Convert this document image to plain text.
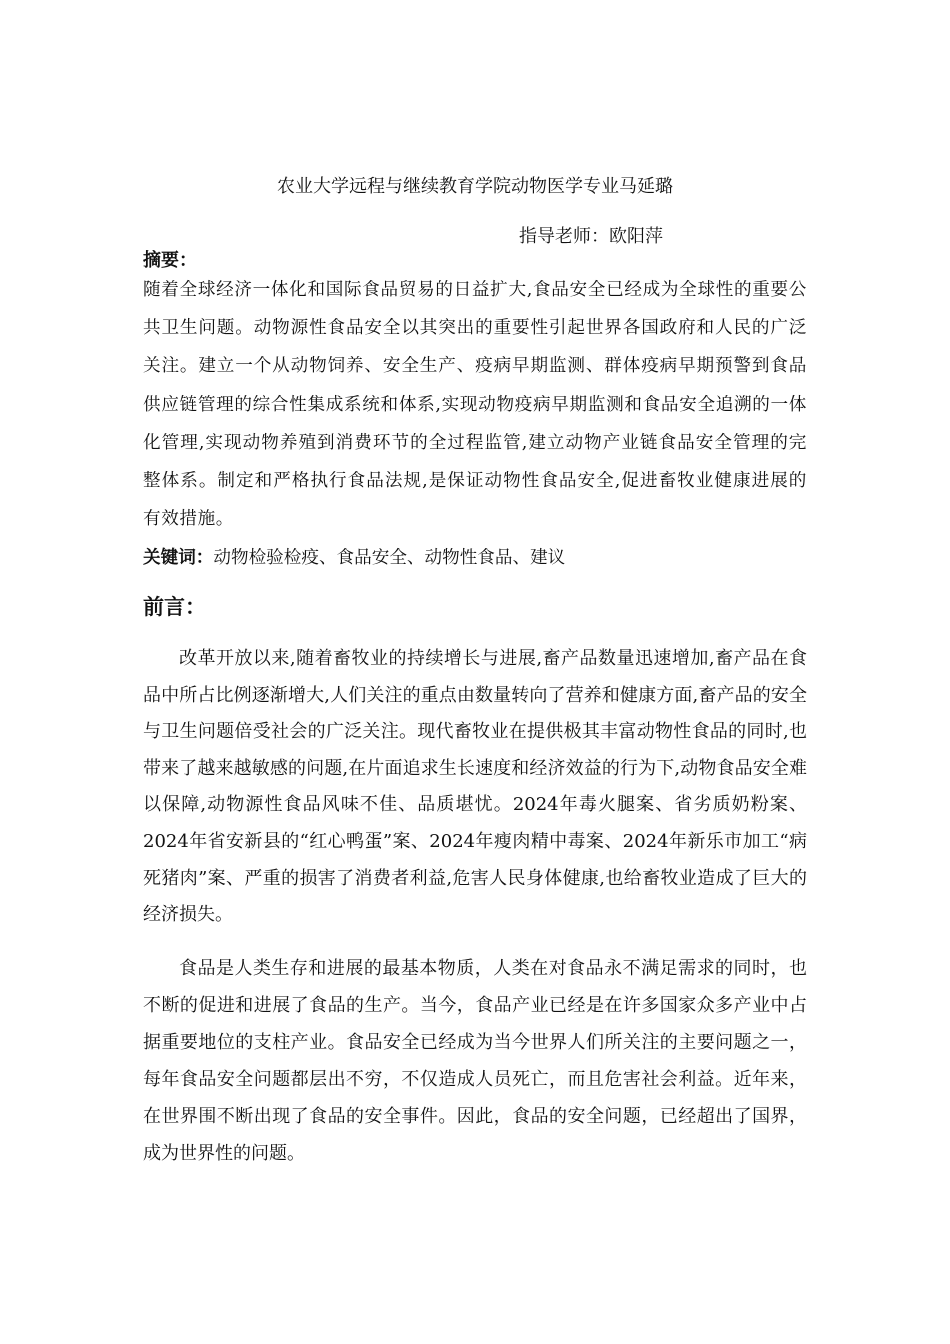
农业大学远程与继续教育学院动物医学专业马延璐
指导老师：欧阳萍
摘要：
随着全球经济一体化和国际食品贸易的日益扩大,食品安全已经成为全球性的重要公共卫生问题。动物源性食品安全以其突出的重要性引起世界各国政府和人民的广泛关注。建立一个从动物饲养、安全生产、疫病早期监测、群体疫病早期预警到食品供应链管理的综合性集成系统和体系,实现动物疫病早期监测和食品安全追溯的一体化管理,实现动物养殖到消费环节的全过程监管,建立动物产业链食品安全管理的完整体系。制定和严格执行食品法规,是保证动物性食品安全,促进畜牧业健康进展的有效措施。
关键词：动物检验检疫、食品安全、动物性食品、建议
前言：
改革开放以来,随着畜牧业的持续增长与进展,畜产品数量迅速增加,畜产品在食品中所占比例逐渐增大,人们关注的重点由数量转向了营养和健康方面,畜产品的安全与卫生问题倍受社会的广泛关注。现代畜牧业在提供极其丰富动物性食品的同时,也带来了越来越敏感的问题,在片面追求生长速度和经济效益的行为下,动物食品安全难以保障,动物源性食品风味不佳、品质堪忧。2024年毒火腿案、省劣质奶粉案、2024年省安新县的“红心鸭蛋”案、2024年瘦肉精中毒案、2024年新乐市加工“病死猪肉”案、严重的损害了消费者利益,危害人民身体健康,也给畜牧业造成了巨大的经济损失。
食品是人类生存和进展的最基本物质，人类在对食品永不满足需求的同时，也不断的促进和进展了食品的生产。当今，食品产业已经是在许多国家众多产业中占据重要地位的支柱产业。食品安全已经成为当今世界人们所关注的主要问题之一，每年食品安全问题都层出不穷，不仅造成人员死亡，而且危害社会利益。近年来，在世界围不断出现了食品的安全事件。因此，食品的安全问题，已经超出了国界，成为世界性的问题。
